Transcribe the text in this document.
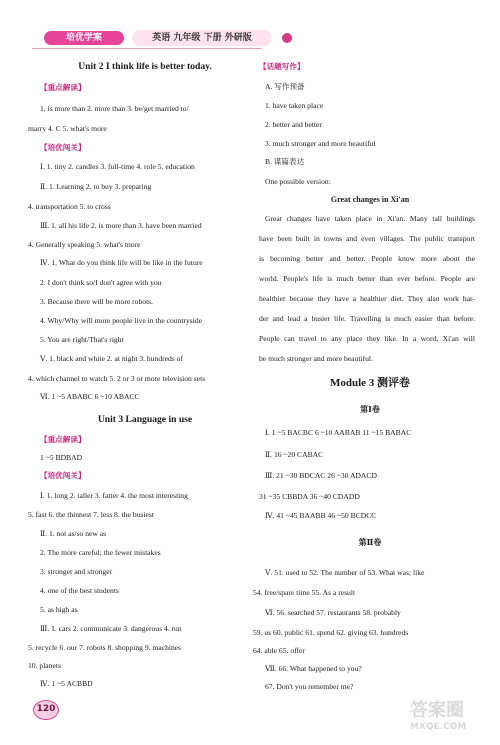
培优学案	英语 九年级 下册 外研版
Unit 2 I think life is better today.
【重点解读】
1. is more than 2. more than 3. be/get married to/
marry 4. C 5. what's more
【培优闯关】
Ⅰ. 1. tiny 2. candles 3. full-time 4. role 5. education
Ⅱ. 1. Learning 2. to buy 3. preparing
4. transportation 5. to cross
Ⅲ. 1. all his life 2. is more than 3. have been married
4. Generally speaking 5. what's more
Ⅳ. 1. What do you think life will be like in the future
2. I don't think so/I don't agree with you
3. Because there will be more robots.
4. Why/Why will more people live in the countryside
5. You are right/That's right
Ⅴ. 1. black and white 2. at night 3. hundreds of
4. which channel to watch 5. 2 or 3 or more television sets
Ⅵ. 1 ~5 ABABC 6 ~10 ABACC
Unit 3 Language in use
【重点解读】
1 ~5 BDBAD
【培优闯关】
Ⅰ. 1. long 2. taller 3. fatter 4. the most interesting
5. fast 6. the thinnest 7. less 8. the busiest
Ⅱ. 1. not as/so new as
2. The more careful; the fewer mistakes
3. stronger and stronger
4. one of the best students
5. as high as
Ⅲ. 1. cars 2. communicate 3. dangerous 4. run
5. recycle 6. our 7. robots 8. shopping 9. machines
10. planets
Ⅳ. 1 ~5 ACBBD
【话题写作】
A. 写作预备
1. have taken place
2. better and better
3. much stronger and more beautiful
B. 谋篇表达
One possible version:
Great changes in Xi'an
Great changes have taken place in Xi'an. Many tall buildings
have been built in towns and even villages. The public transport
is becoming better and better. People know more about the
world. People's life is much better than ever before. People are
healthier because they have a healthier diet. They also work har-
der and lead a busier life. Travelling is much easier than before.
People can travel to any place they like. In a word, Xi'an will
be much stronger and more beautiful.
Module 3 测评卷
第Ⅰ卷
Ⅰ. 1 ~5 BACBC 6 ~10 AABAB 11 ~15 BABAC
Ⅱ. 16 ~20 CABAC
Ⅲ. 21 ~30 BDCAC 26 ~30 ADACD
31 ~35 CBBDA 36 ~40 CDADD
Ⅳ. 41 ~45 BAABB 46 ~50 BCDCC
第Ⅱ卷
Ⅴ. 51. used to 52. The number of 53. What was; like
54. free/spare time 55. As a result
Ⅵ. 56. searched 57. restaurants 58. probably
59. us 60. public 61. spend 62. giving 63. hundreds
64. able 65. offer
Ⅶ. 66. What happened to you?
67. Don't you remember me?
120	答案圈
MXQE.COM
